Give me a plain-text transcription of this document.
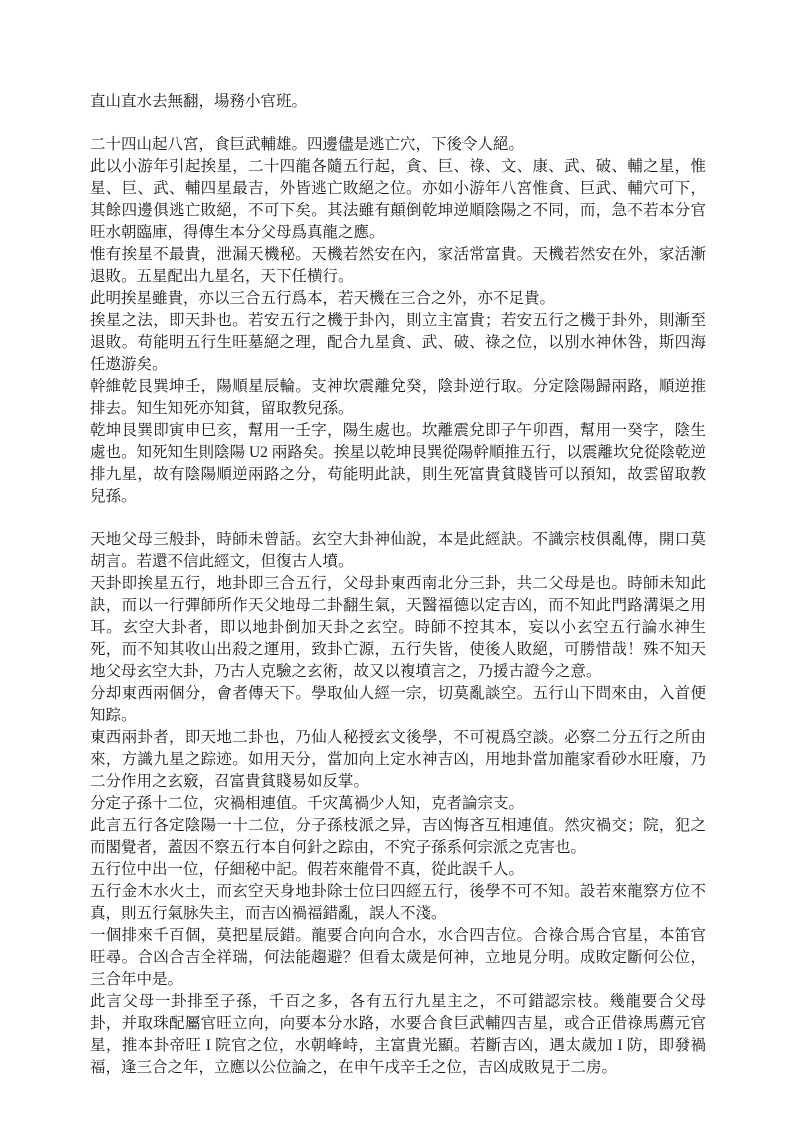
直山直水去無翻，場務小官班。

二十四山起八宮，食巨武輔雄。四邊儘是逃亡穴，下後令人絕。

此以小游年引起挨星，二十四龍各隨五行起，貪、巨、祿、文、康、武、破、輔之星，惟星、巨、武、輔四星最吉，外皆逃亡敗絕之位。亦如小游年八宮惟貪、巨武、輔穴可下，其餘四邊俱逃亡敗絕，不可下矣。其法雖有顛倒乾坤逆順陰陽之不同，而，急不若本分官旺水朝臨庫，得傳生本分父母爲真龍之應。

惟有挨星不最貴，泄漏天機秘。天機若然安在內，家活常富貴。天機若然安在外，家活漸退敗。五星配出九星名，天下任横行。

此明挨星雖貴，亦以三合五行爲本，若天機在三合之外，亦不足貴。

挨星之法，即天卦也。若安五行之機于卦內，則立主富貴；若安五行之機于卦外，則漸至退敗。苟能明五行生旺墓絕之理，配合九星貪、武、破、祿之位，以別水神休咎，斯四海任遨游矣。

幹維乾艮巽坤壬，陽順星辰輪。支神坎震離兌癸，陰卦逆行取。分定陰陽歸兩路，順逆推排去。知生知死亦知貧，留取教兒孫。

乾坤艮巽即寅申巳亥，幫用一壬字，陽生處也。坎離震兌即子午卯酉，幫用一癸字，陰生處也。知死知生則陰陽 U2 兩路矣。挨星以乾坤艮巽從陽幹順推五行，以震離坎兌從陰乾逆排九星，故有陰陽順逆兩路之分，苟能明此訣，則生死富貴貧賤皆可以預知，故雲留取教兒孫。

天地父母三般卦，時師未曾話。玄空大卦神仙說，本是此經訣。不識宗枝俱亂傳，開口莫胡言。若還不信此經文，但復古人墳。

天卦即挨星五行，地卦即三合五行，父母卦東西南北分三卦，共二父母是也。時師未知此訣，而以一行彈師所作天父地母二卦翻生氣，天醫福德以定吉凶，而不知此門路溝渠之用耳。玄空大卦者，即以地卦倒加天卦之玄空。時師不控其本，妄以小玄空五行論水神生死，而不知其收山出殺之運用，致卦亡源，五行失皆，使後人敗絕，可勝惜哉！殊不知天地父母玄空大卦，乃古人克驗之玄術，故又以複墳言之，乃援古證今之意。

分却東西兩個分，會者傳天下。學取仙人經一宗，切莫亂談空。五行山下問來由，入首便知踪。

東西兩卦者，即天地二卦也，乃仙人秘授玄文後學，不可視爲空談。必察二分五行之所由來，方識九星之踪迹。如用天分，當加向上定水神吉凶，用地卦當加龍家看砂水旺廢，乃二分作用之玄竅，召富貴貧賤易如反掌。

分定子孫十二位，灾禍相連值。千灾萬禍少人知，克者論宗支。

此言五行各定陰陽一十二位，分子孫枝派之异，吉凶悔吝互相連值。然灾禍交；院，犯之而閣覺者，蓋因不察五行本自何針之踪由，不究子孫系何宗派之克害也。

五行位中出一位，仔細秘中記。假若來龍骨不真，從此誤千人。

五行金木水火土，而玄空天身地卦除士位曰四經五行，後學不可不知。設若來龍察方位不真，則五行氣脉失主，而吉凶禍福錯亂，誤人不淺。

一個排來千百個，莫把星辰錯。龍要合向向合水，水合四吉位。合祿合馬合官星，本笛官旺尋。合凶合吉全祥瑞，何法能趨避？但看太歲是何神，立地見分明。成敗定斷何公位，三合年中是。

此言父母一卦排至子孫，千百之多，各有五行九星主之，不可錯認宗枝。幾龍要合父母卦，并取珠配屬官旺立向，向要本分水路，水要合食巨武輔四吉星，或合正借祿馬薦元官星，推本卦帝旺 I 院官之位，水朝峰峙，主富貴光顯。若斷吉凶，遇太歲加 I 防，即發禍福，逢三合之年，立應以公位論之，在申午戌辛壬之位，吉凶成敗見于二房。
